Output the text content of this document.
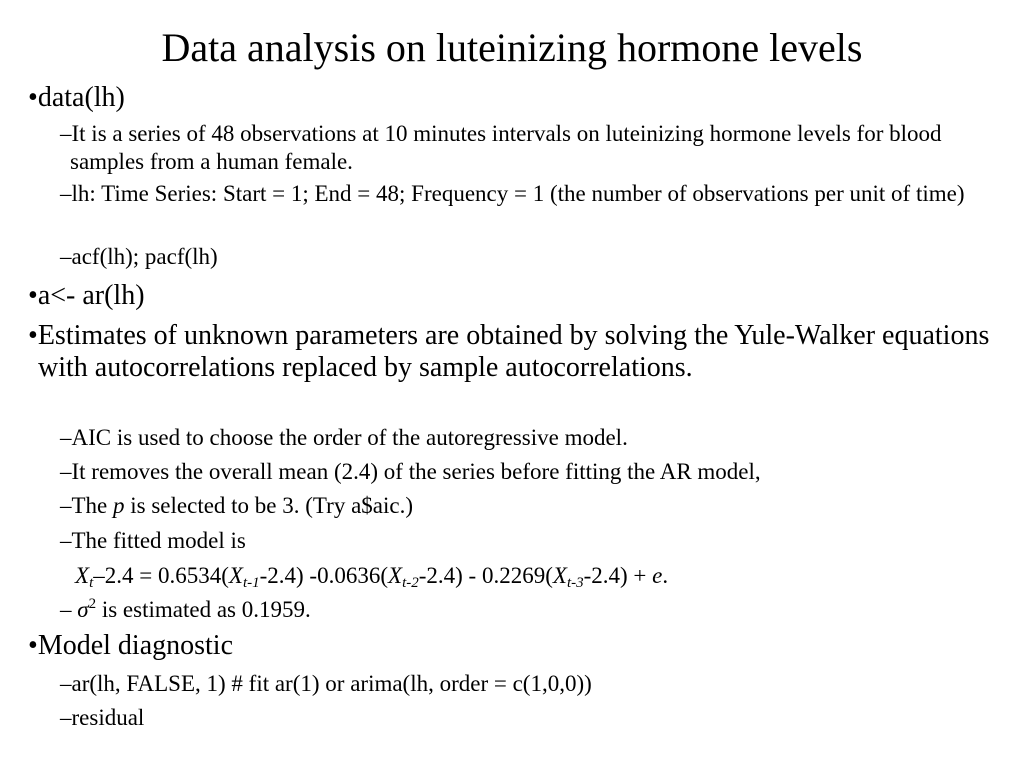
Data analysis on luteinizing hormone levels
•data(lh)
–It is a series of 48 observations at 10 minutes intervals on luteinizing hormone levels for blood samples from a human female.
–lh: Time Series: Start = 1; End = 48; Frequency = 1 (the number of observations per unit of time)
–acf(lh); pacf(lh)
•a<- ar(lh)
•Estimates of unknown parameters are obtained by solving the Yule-Walker equations with autocorrelations replaced by sample autocorrelations.
–AIC is used to choose the order of the autoregressive model.
–It removes the overall mean (2.4) of the series before fitting the AR model,
–The p is selected to be 3. (Try a$aic.)
–The fitted model is
$X_t-2.4 = 0.6534(X_{t-1}-2.4)$ $-0.0636(X_{t-2}-2.4) - 0.2269(X_{t-3}-2.4) + e$.
– $\sigma^2$ is estimated as 0.1959.
•Model diagnostic
–ar(lh, FALSE, 1) # fit ar(1) or arima(lh, order = c(1,0,0))
–residual
